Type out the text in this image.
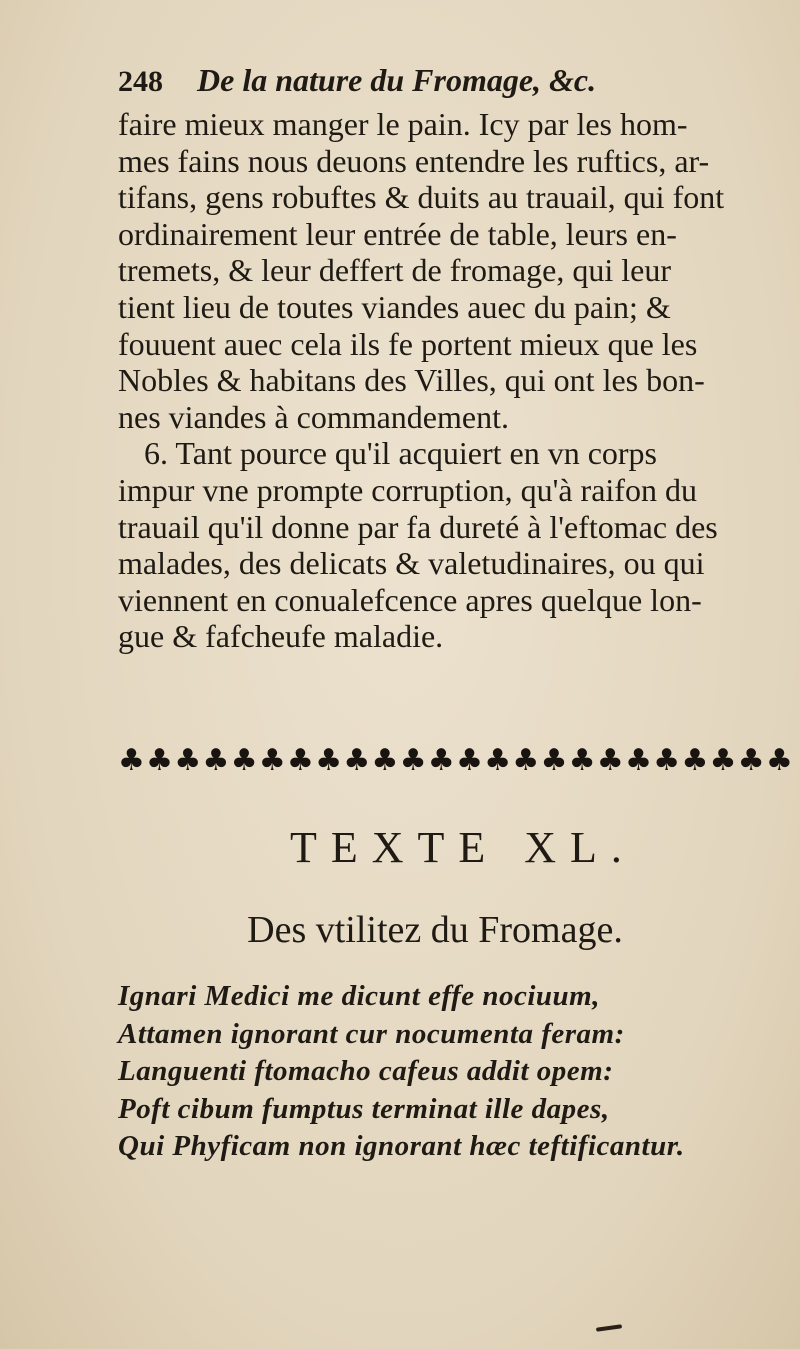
248 De la nature du Fromage, &c.
faire mieux manger le pain. Icy par les hom-
mes fains nous deuons entendre les ruftics, ar-
tifans, gens robuftes & duits au trauail, qui font
ordinairement leur entrée de table, leurs en-
tremets, & leur deffert de fromage, qui leur
tient lieu de toutes viandes auec du pain; &
fouuent auec cela ils fe portent mieux que les
Nobles & habitans des Villes, qui ont les bon-
nes viandes à commandement.
6. Tant pource qu'il acquiert en vn corps
impur vne prompte corruption, qu'à raifon du
trauail qu'il donne par fa dureté à l'eftomac des
malades, des delicats & valetudinaires, ou qui
viennent en conualefcence apres quelque lon-
gue & fafcheufe maladie.
♣ ♣ ♣ ♣ ♣ ♣ ♣ ♣ ♣ ♣ ♣ ♣ ♣ ♣ ♣ ♣ ♣ ♣ ♣ ♣ ♣ ♣ ♣ ♣
TEXTE XL.
Des vtilitez du Fromage.
Ignari Medici me dicunt effe nociuum,
Attamen ignorant cur nocumenta feram:
Languenti ftomacho cafeus addit opem:
Poft cibum fumptus terminat ille dapes,
Qui Phyficam non ignorant hæc teftificantur.
